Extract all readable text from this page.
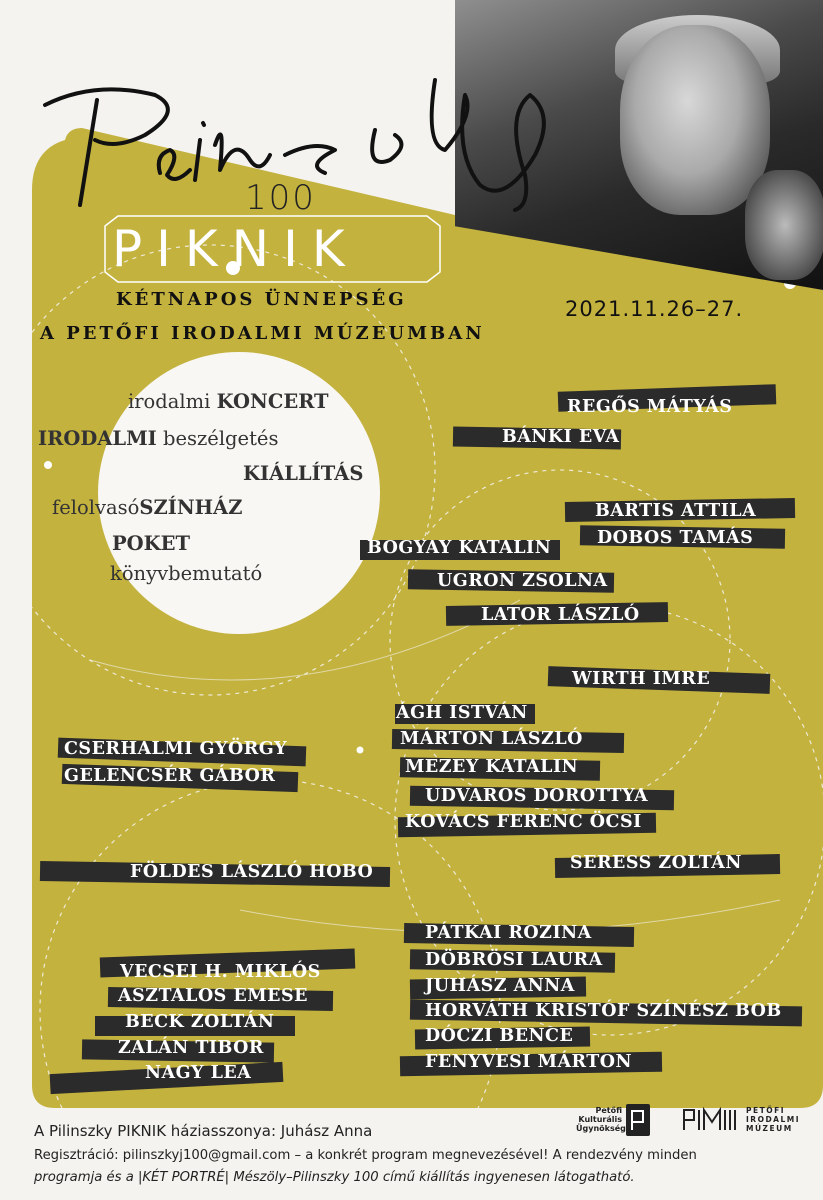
100
PIKNIK
KÉTNAPOS ÜNNEPSÉG
A PETŐFI IRODALMI MÚZEUMBAN
2021.11.26–27.
irodalmi KONCERT
IRODALMI beszélgetés
KIÁLLÍTÁS
felolvasóSZÍNHÁZ
POKET
könyvbemutató
REGŐS MÁTYÁS
BÁNKI EVA
BARTIS ATTILA
BOGYAY KATALIN	DOBOS TAMÁS
UGRON ZSOLNA
LATOR LÁSZLÓ
WIRTH IMRE
ÁGH ISTVÁN
CSERHALMI GYÖRGY	MÁRTON LÁSZLÓ
GELENCSÉR GÁBOR	MEZEY KATALIN
UDVAROS DOROTTYA
KOVÁCS FERENC ÖCSI
SERESS ZOLTÁN
FÖLDES LÁSZLÓ HOBO
PÁTKAI ROZINA
VECSEI H. MIKLÓS
DÖBRÖSI LAURA
JUHÁSZ ANNA
ASZTALOS EMESE
HORVÁTH KRISTÓF SZÍNÉSZ BOB
BECK ZOLTÁN
DÓCZI BENCE
ZALÁN TIBOR
FENYVESI MÁRTON
NAGY LEA
A Pilinszky PIKNIK háziasszonya: Juhász Anna
Regisztráció: pilinszkyj100@gmail.com – a konkrét program megnevezésével! A rendezvény minden
programja és a |KÉT PORTRÉ| Mészöly–Pilinszky 100 című kiállítás ingyenesen látogatható.
Petőfi Kulturális Ügynökség
PETŐFI IRODALMI MÚZEUM
